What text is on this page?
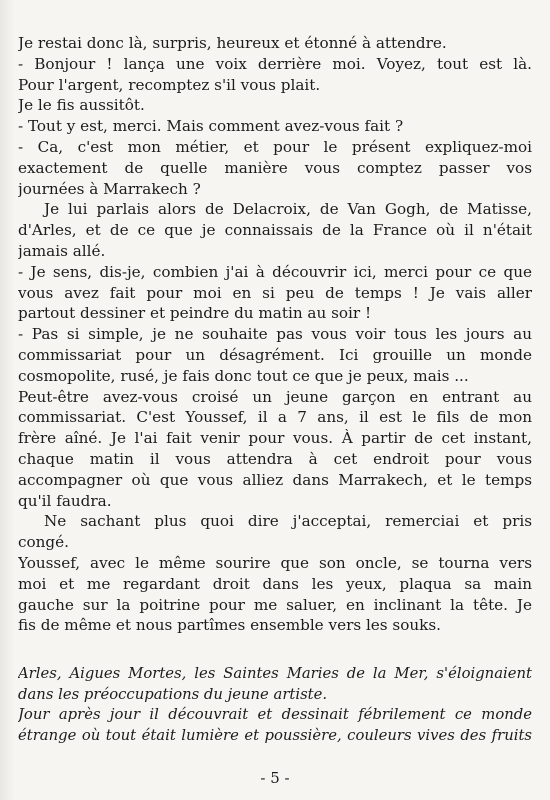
Je restai donc là, surpris, heureux et étonné à attendre.
- Bonjour ! lança une voix derrière moi. Voyez, tout est là.
Pour l'argent, recomptez s'il vous plait.
Je le fis aussitôt.
- Tout y est, merci. Mais comment avez-vous fait ?
- Ca, c'est mon métier, et pour le présent expliquez-moi
exactement de quelle manière vous comptez passer vos
journées à Marrakech ?
Je lui parlais alors de Delacroix, de Van Gogh, de Matisse,
d'Arles, et de ce que je connaissais de la France où il n'était
jamais allé.
- Je sens, dis-je, combien j'ai à découvrir ici, merci pour ce que
vous avez fait pour moi en si peu de temps ! Je vais aller
partout dessiner et peindre du matin au soir !
- Pas si simple, je ne souhaite pas vous voir tous les jours au
commissariat pour un désagrément. Ici grouille un monde
cosmopolite, rusé, je fais donc tout ce que je peux, mais ...
Peut-être avez-vous croisé un jeune garçon en entrant au
commissariat. C'est Youssef, il a 7 ans, il est le fils de mon
frère aîné. Je l'ai fait venir pour vous. À partir de cet instant,
chaque matin il vous attendra à cet endroit pour vous
accompagner où que vous alliez dans Marrakech, et le temps
qu'il faudra.
Ne sachant plus quoi dire j'acceptai, remerciai et pris
congé.
Youssef, avec le même sourire que son oncle, se tourna vers
moi et me regardant droit dans les yeux, plaqua sa main
gauche sur la poitrine pour me saluer, en inclinant la tête. Je
fis de même et nous partîmes ensemble vers les souks.
Arles, Aigues Mortes, les Saintes Maries de la Mer, s'éloignaient
dans les préoccupations du jeune artiste.
Jour après jour il découvrait et dessinait fébrilement ce monde
étrange où tout était lumière et poussière, couleurs vives des fruits
- 5 -
